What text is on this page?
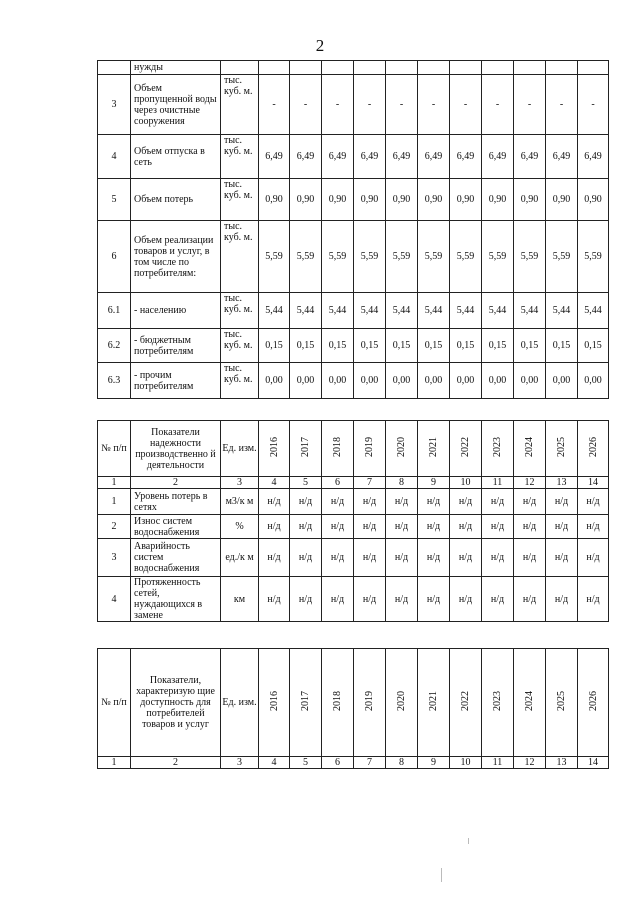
2
	нужды												
3	Объем пропущенной воды через очистные сооружения	тыс. куб. м.	-	-	-	-	-	-	-	-	-	-	-
4	Объем отпуска в сеть	тыс. куб. м.	6,49	6,49	6,49	6,49	6,49	6,49	6,49	6,49	6,49	6,49	6,49
5	Объем потерь	тыс. куб. м.	0,90	0,90	0,90	0,90	0,90	0,90	0,90	0,90	0,90	0,90	0,90
6	Объем реализации товаров и услуг, в том числе по потребителям:	тыс. куб. м.	5,59	5,59	5,59	5,59	5,59	5,59	5,59	5,59	5,59	5,59	5,59
6.1	- населению	тыс. куб. м.	5,44	5,44	5,44	5,44	5,44	5,44	5,44	5,44	5,44	5,44	5,44
6.2	- бюджетным потребителям	тыс. куб. м.	0,15	0,15	0,15	0,15	0,15	0,15	0,15	0,15	0,15	0,15	0,15
6.3	- прочим потребителям	тыс. куб. м.	0,00	0,00	0,00	0,00	0,00	0,00	0,00	0,00	0,00	0,00	0,00
№ п/п	Показатели надежности производственно й деятельности	Ед. изм.	2016	2017	2018	2019	2020	2021	2022	2023	2024	2025	2026
1	2	3	4	5	6	7	8	9	10	11	12	13	14
1	Уровень потерь в сетях	м3/к м	н/д	н/д	н/д	н/д	н/д	н/д	н/д	н/д	н/д	н/д	н/д
2	Износ систем водоснабжения	%	н/д	н/д	н/д	н/д	н/д	н/д	н/д	н/д	н/д	н/д	н/д
3	Аварийность систем водоснабжения	ед./к м	н/д	н/д	н/д	н/д	н/д	н/д	н/д	н/д	н/д	н/д	н/д
4	Протяженность сетей, нуждающихся в замене	км	н/д	н/д	н/д	н/д	н/д	н/д	н/д	н/д	н/д	н/д	н/д
№ п/п	Показатели, характеризую щие доступность для потребителей товаров и услуг	Ед. изм.	2016	2017	2018	2019	2020	2021	2022	2023	2024	2025	2026
1	2	3	4	5	6	7	8	9	10	11	12	13	14
